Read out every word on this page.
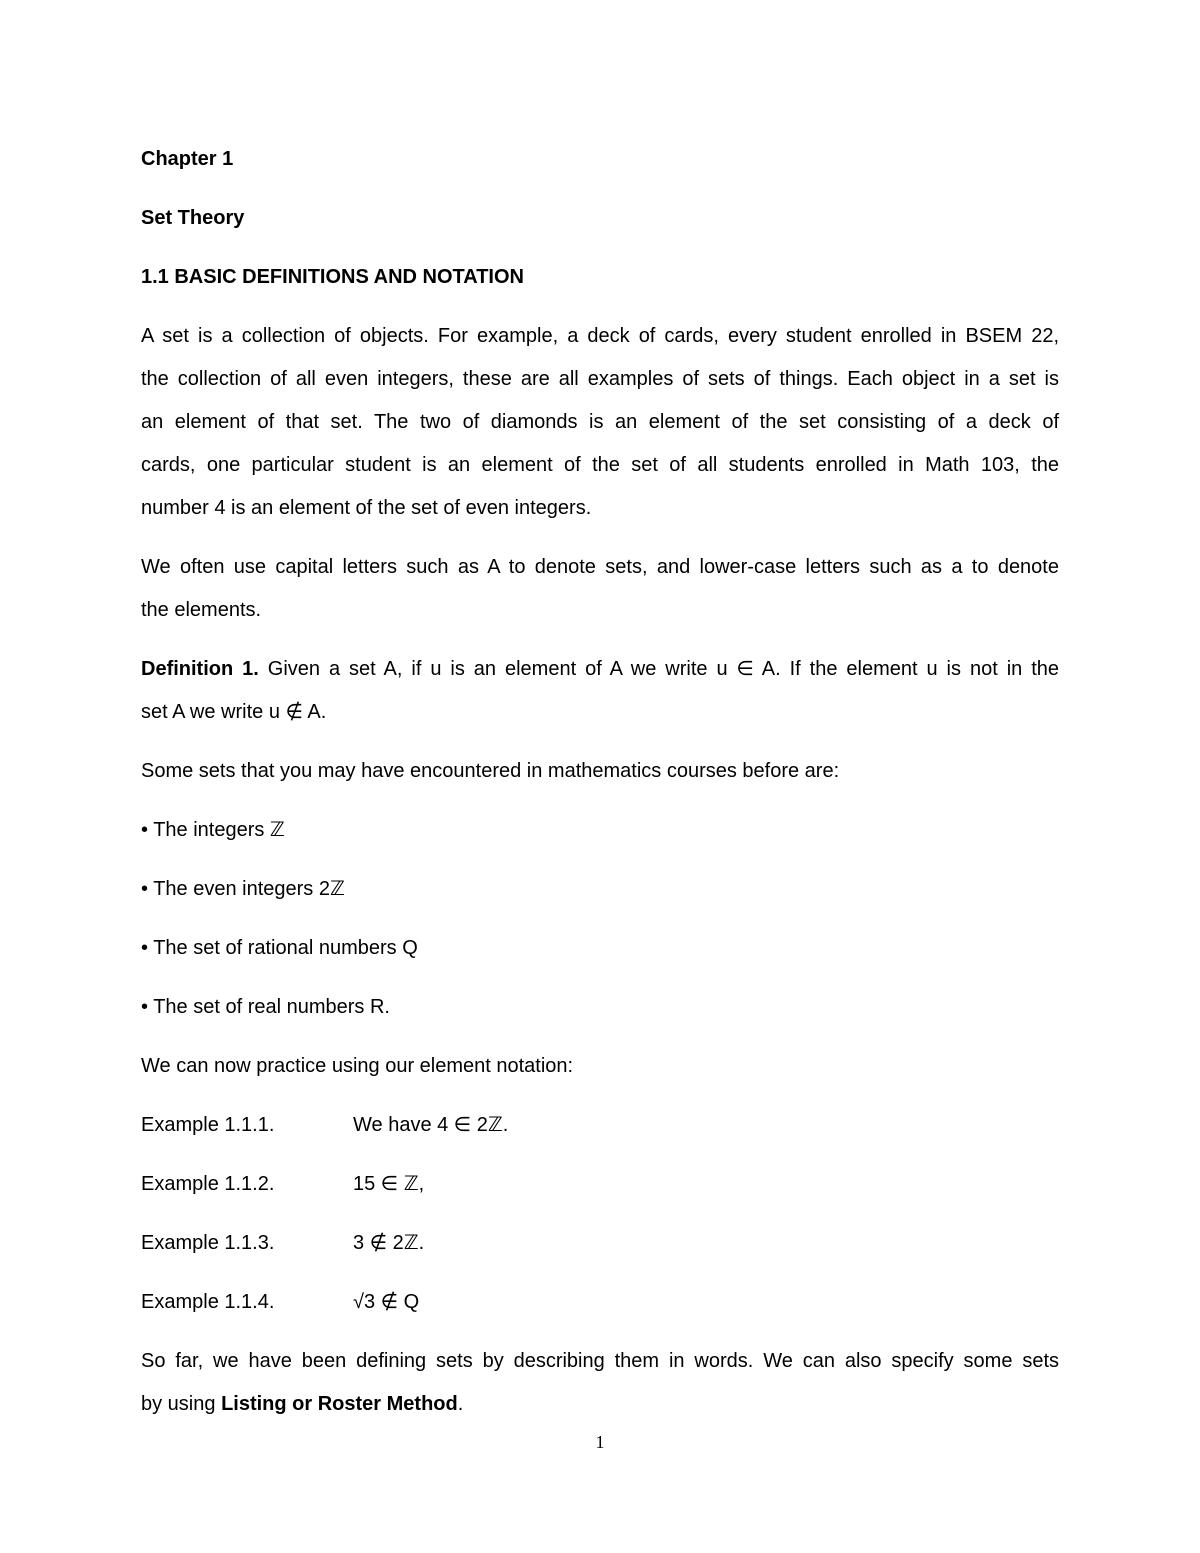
Chapter 1

Set Theory

1.1 BASIC DEFINITIONS AND NOTATION

A set is a collection of objects. For example, a deck of cards, every student enrolled in BSEM 22,
the collection of all even integers, these are all examples of sets of things. Each object in a set is
an element of that set. The two of diamonds is an element of the set consisting of a deck of
cards, one particular student is an element of the set of all students enrolled in Math 103, the
number 4 is an element of the set of even integers.
We often use capital letters such as A to denote sets, and lower-case letters such as a to denote
the elements.
Definition 1. Given a set A, if u is an element of A we write u ∈ A. If the element u is not in the
set A we write u ∉ A.

Some sets that you may have encountered in mathematics courses before are:

• The integers ℤ

• The even integers 2ℤ

• The set of rational numbers Q

• The set of real numbers R.

We can now practice using our element notation:

Example 1.1.1.	We have 4 ∈ 2ℤ.
Example 1.1.2.	15 ∈ ℤ,
Example 1.1.3.	3 ∉ 2ℤ.
Example 1.1.4.	√3 ∉ Q
So far, we have been defining sets by describing them in words. We can also specify some sets
by using Listing or Roster Method.
1
